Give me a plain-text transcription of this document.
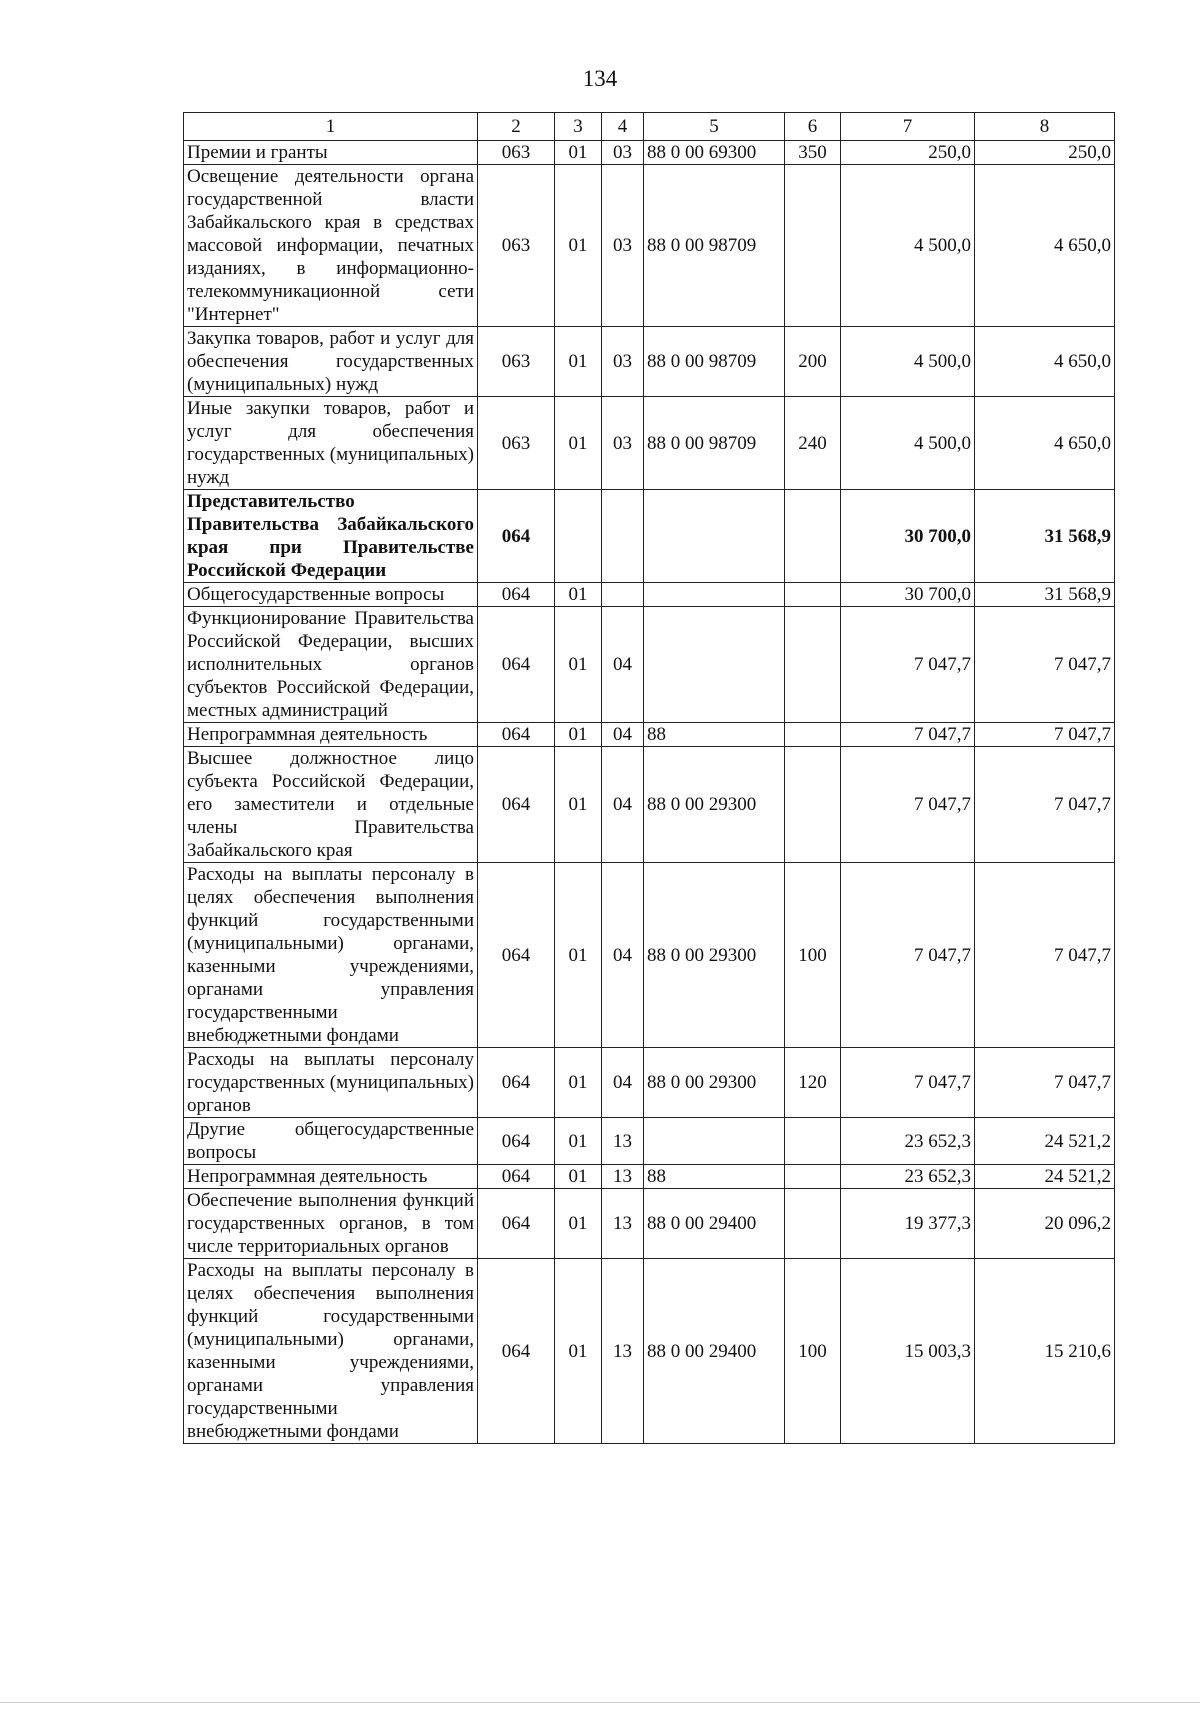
134
1	2	3	4	5	6	7	8
Премии и гранты	063	01	03	88 0 00 69300	350	250,0	250,0
Освещение деятельности органа государственной власти Забайкальского края в средствах массовой информации, печатных изданиях, в информационно-телекоммуникационной сети "Интернет"	063	01	03	88 0 00 98709		4 500,0	4 650,0
Закупка товаров, работ и услуг для обеспечения государственных (муниципальных) нужд	063	01	03	88 0 00 98709	200	4 500,0	4 650,0
Иные закупки товаров, работ и услуг для обеспечения государственных (муниципальных) нужд	063	01	03	88 0 00 98709	240	4 500,0	4 650,0
Представительство Правительства Забайкальского края при Правительстве Российской Федерации	064					30 700,0	31 568,9
Общегосударственные вопросы	064	01				30 700,0	31 568,9
Функционирование Правительства Российской Федерации, высших исполнительных органов субъектов Российской Федерации, местных администраций	064	01	04			7 047,7	7 047,7
Непрограммная деятельность	064	01	04	88		7 047,7	7 047,7
Высшее должностное лицо субъекта Российской Федерации, его заместители и отдельные члены Правительства Забайкальского края	064	01	04	88 0 00 29300		7 047,7	7 047,7
Расходы на выплаты персоналу в целях обеспечения выполнения функций государственными (муниципальными) органами, казенными учреждениями, органами управления государственными внебюджетными фондами	064	01	04	88 0 00 29300	100	7 047,7	7 047,7
Расходы на выплаты персоналу государственных (муниципальных) органов	064	01	04	88 0 00 29300	120	7 047,7	7 047,7
Другие общегосударственные вопросы	064	01	13			23 652,3	24 521,2
Непрограммная деятельность	064	01	13	88		23 652,3	24 521,2
Обеспечение выполнения функций государственных органов, в том числе территориальных органов	064	01	13	88 0 00 29400		19 377,3	20 096,2
Расходы на выплаты персоналу в целях обеспечения выполнения функций государственными (муниципальными) органами, казенными учреждениями, органами управления государственными внебюджетными фондами	064	01	13	88 0 00 29400	100	15 003,3	15 210,6
